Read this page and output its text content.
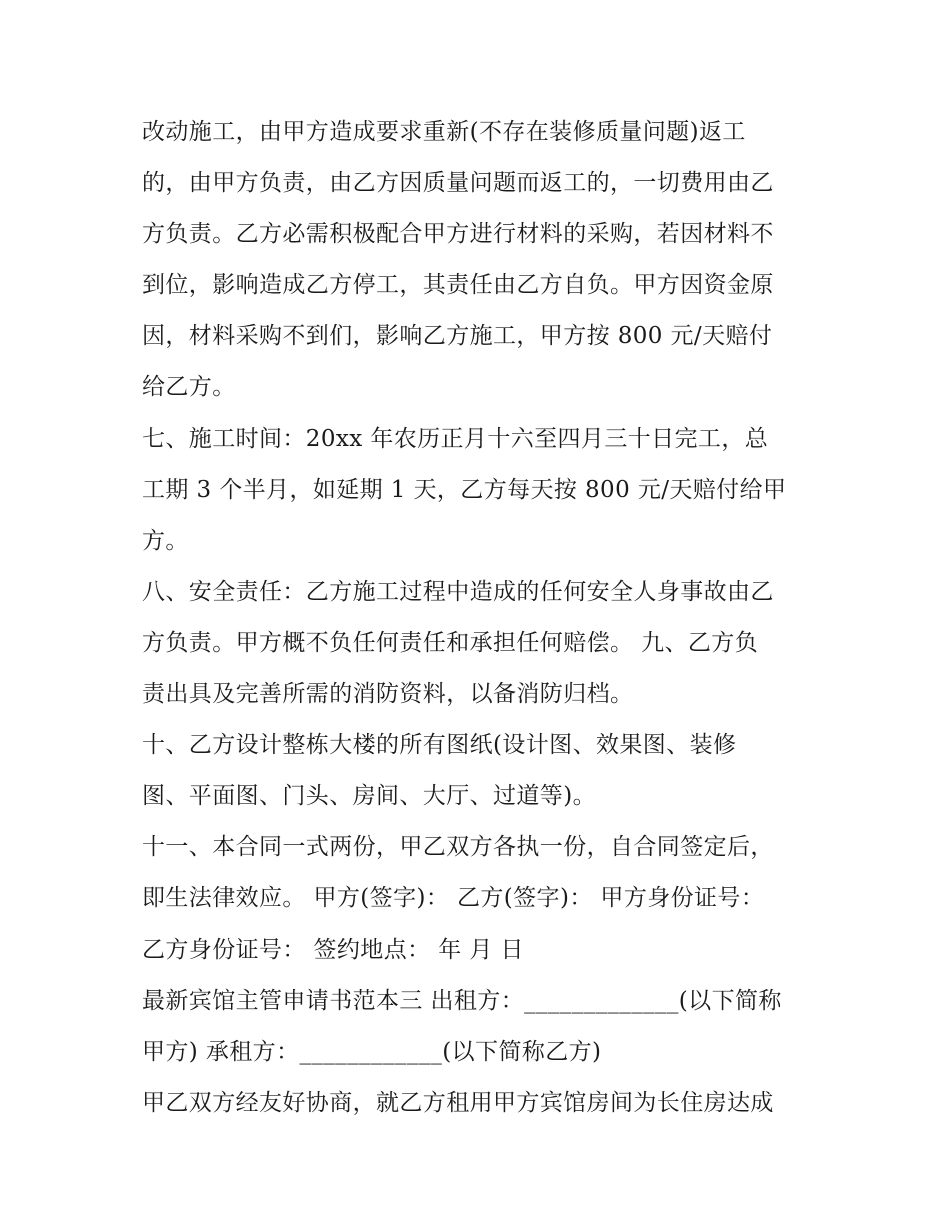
改动施工，由甲方造成要求重新(不存在装修质量问题)返工
的，由甲方负责，由乙方因质量问题而返工的，一切费用由乙
方负责。乙方必需积极配合甲方进行材料的采购，若因材料不
到位，影响造成乙方停工，其责任由乙方自负。甲方因资金原
因，材料采购不到们，影响乙方施工，甲方按 800 元/天赔付
给乙方。
七、施工时间：20xx 年农历正月十六至四月三十日完工，总
工期 3 个半月，如延期 1 天，乙方每天按 800 元/天赔付给甲
方。
八、安全责任：乙方施工过程中造成的任何安全人身事故由乙
方负责。甲方概不负任何责任和承担任何赔偿。 九、乙方负
责出具及完善所需的消防资料，以备消防归档。
十、乙方设计整栋大楼的所有图纸(设计图、效果图、装修
图、平面图、门头、房间、大厅、过道等)。
十一、本合同一式两份，甲乙双方各执一份，自合同签定后，
即生法律效应。 甲方(签字)： 乙方(签字)： 甲方身份证号：
乙方身份证号： 签约地点： 年 月 日
最新宾馆主管申请书范本三 出租方：_____________(以下简称
甲方) 承租方：____________(以下简称乙方)
甲乙双方经友好协商，就乙方租用甲方宾馆房间为长住房达成
